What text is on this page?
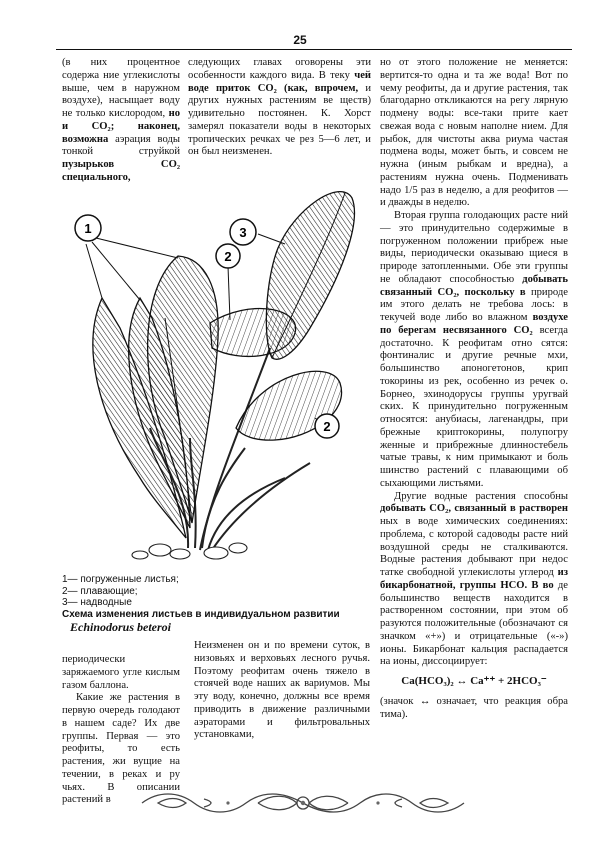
25

(в них процентное содержа ние углекислоты выше, чем в наружном воздухе), насыщает воду не только кислородом, но и CO₂; наконец, возможна аэрация воды тонкой струйкой пузырьков CO₂ специального,

следующих главах оговорены эти особенности каждого вида. В текy чей воде приток CO₂ (как, впрочем, и других нужных растениям ве ществ) удивительно постоянен. К. Хорст замерял показатели воды в некоторых тропических речках че рез 5—6 лет, и он был неизменен.

1
2
3
2
1— погруженные листья;
2— плавающие;
3— надводные
Схема изменения листьев в индивидуальном развитии
Echinodorus beteroi

но от этого положение не меняется: вертится-то одна и та же вода! Вот по чему реофиты, да и другие растения, так благодарно откликаются на регу лярную подмену воды: все-таки прите кает свежая вода с новым наполне нием. Для рыбок, для чистоты аква риума частая подмена воды, может быть, и совсем не нужна (иным рыбкам и вредна), а растениям нужна очень. Подменивать надо 1/5 раз в неделю, а для реофитов — и дважды в неделю.

Вторая группа голодающих расте ний — это принудительно содержимые в погруженном положении прибреж ные виды, периодически оказываю щиеся в природе затопленными. Обе эти группы не обладают способностью добывать связанный CO₂, поскольку в природе им этого делать не требова лось: в текучей воде либо во влажном воздухе по берегам несвязанного CO₂ всегда достаточно. К реофитам отно сятся: фонтиналис и другие речные мхи, большинство апоногетонов, крип токорины из рек, особенно из речек о. Борнео, эхинодорусы группы уругвай ских. К принудительно погруженным относятся: анубиасы, лагенандры, при брежные криптокорины, полупогру женные и прибрежные длинностебель чатые травы, к ним примыкают и боль шинство растений с плавающими об сыхающими листьями.

Другие водные растения способны добывать CO₂, связанный в растворен ных в воде химических соединениях: проблема, с которой садоводы расте ний воздушной среды не сталкиваются. Водные растения добывают при недос татке свободной углекислоты углерод из бикарбонатной, группы HCO. В во де большинство веществ находится в растворенном состоянии, при этом об разуются положительные (обозначают ся значком «+») и отрицательные («-») ионы. Бикарбонат кальция распадается на ионы, диссоциирует:

Ca(HCO₃)₂ ↔ Ca⁺⁺ + 2HCO₃⁻

(значок ↔ означает, что реакция обра тима).

периодически заряжаемого угле кислым газом баллона.

Какие же растения в первую очередь голодают в нашем саде? Их две группы. Первая — это реофиты, то есть растения, жи вущие на течении, в реках и ру чьях. В описании растений в

Неизменен он и по времени суток, в низовьях и верховьях лесного ручья. Поэтому реофитам очень тяжело в стоячей воде наших ак вариумов. Мы эту воду, конечно, должны все время приводить в движение различными аэраторами и фильтровальных установками,
